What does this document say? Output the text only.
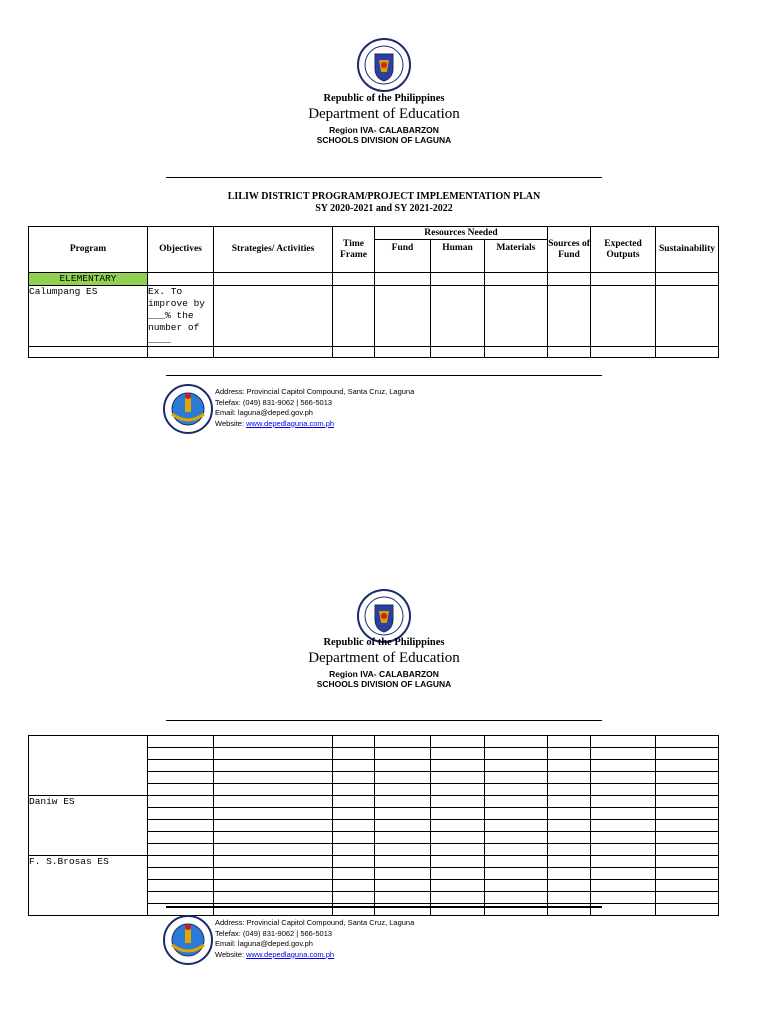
Republic of the Philippines
Department of Education
Region IVA- CALABARZON
SCHOOLS DIVISION OF LAGUNA
LILIW DISTRICT PROGRAM/PROJECT IMPLEMENTATION PLAN
SY 2020-2021 and SY 2021-2022
Program	Objectives	Strategies/ Activities	Time Frame	Resources Needed			Sources of Fund	Expected Outputs	Sustainability
				Fund	Human	Materials			
ELEMENTARY									
Calumpang ES	Ex. To improve by ___% the number of ____								

Address: Provincial Capitol Compound, Santa Cruz, Laguna
Telefax: (049) 831-9062 | 566-5013
Email: laguna@deped.gov.ph
Website: www.depedlaguna.com.ph
Republic of the Philippines
Department of Education
Region IVA- CALABARZON
SCHOOLS DIVISION OF LAGUNA

Daniw ES									

F. S.Brosas ES									

Address: Provincial Capitol Compound, Santa Cruz, Laguna
Telefax: (049) 831-9062 | 566-5013
Email: laguna@deped.gov.ph
Website: www.depedlaguna.com.ph
